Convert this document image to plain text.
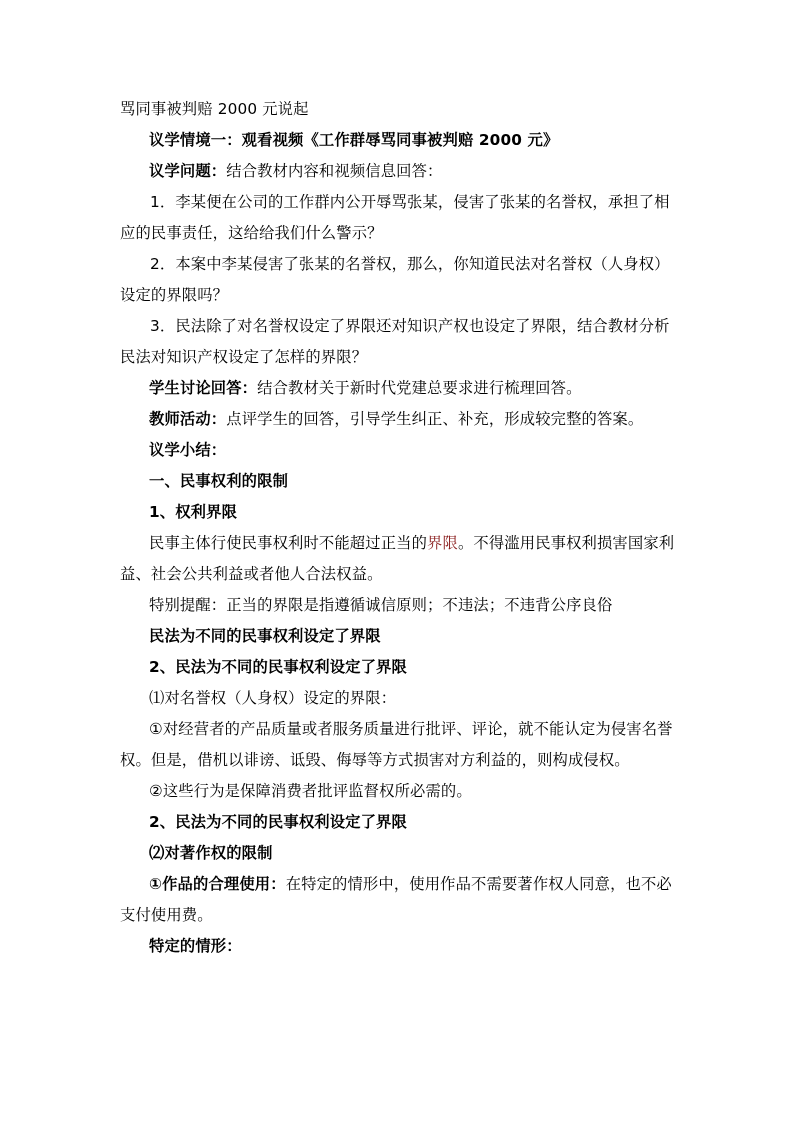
骂同事被判赔 2000 元说起

议学情境一：观看视频《工作群辱骂同事被判赔 2000 元》

议学问题：结合教材内容和视频信息回答：

1．李某便在公司的工作群内公开辱骂张某，侵害了张某的名誉权，承担了相应的民事责任，这给给我们什么警示？

2．本案中李某侵害了张某的名誉权，那么，你知道民法对名誉权（人身权）设定的界限吗？

3．民法除了对名誉权设定了界限还对知识产权也设定了界限，结合教材分析民法对知识产权设定了怎样的界限？

学生讨论回答：结合教材关于新时代党建总要求进行梳理回答。

教师活动：点评学生的回答，引导学生纠正、补充，形成较完整的答案。

议学小结：

一、民事权利的限制

1、权利界限

民事主体行使民事权利时不能超过正当的界限。不得滥用民事权利损害国家利益、社会公共利益或者他人合法权益。

特别提醒：正当的界限是指遵循诚信原则；不违法；不违背公序良俗

民法为不同的民事权利设定了界限

2、民法为不同的民事权利设定了界限

⑴对名誉权（人身权）设定的界限：

①对经营者的产品质量或者服务质量进行批评、评论，就不能认定为侵害名誉权。但是，借机以诽谤、诋毁、侮辱等方式损害对方利益的，则构成侵权。

②这些行为是保障消费者批评监督权所必需的。

2、民法为不同的民事权利设定了界限

⑵对著作权的限制

①作品的合理使用：在特定的情形中，使用作品不需要著作权人同意，也不必支付使用费。

特定的情形：
